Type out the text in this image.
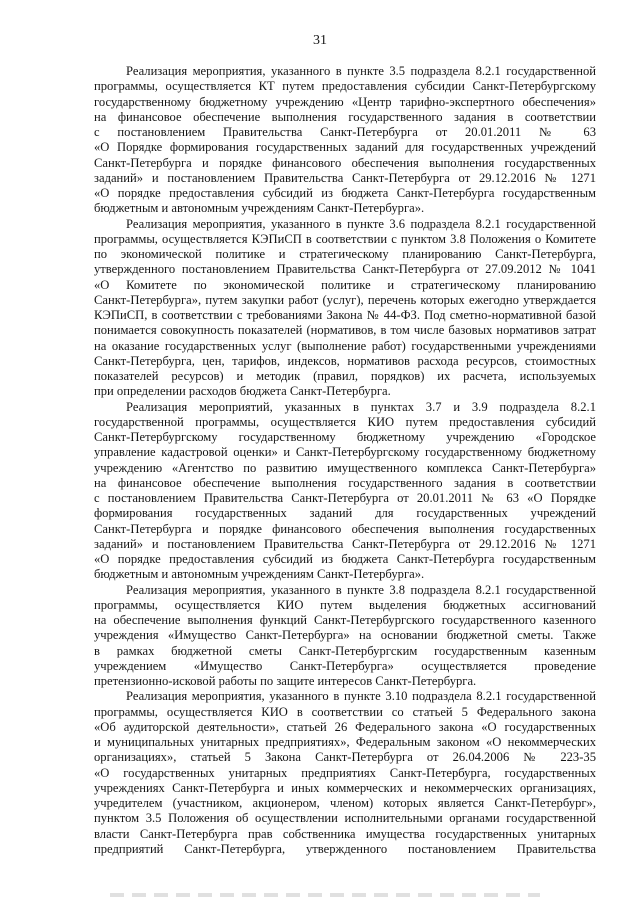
31
Реализация мероприятия, указанного в пункте 3.5 подраздела 8.2.1 государственной
программы, осуществляется КТ путем предоставления субсидии Санкт-Петербургскому
государственному бюджетному учреждению «Центр тарифно-экспертного обеспечения»
на финансовое обеспечение выполнения государственного задания в соответствии
с постановлением Правительства Санкт-Петербурга от 20.01.2011 № 63
«О Порядке формирования государственных заданий для государственных учреждений
Санкт-Петербурга и порядке финансового обеспечения выполнения государственных
заданий» и постановлением Правительства Санкт-Петербурга от 29.12.2016 № 1271
«О порядке предоставления субсидий из бюджета Санкт-Петербурга государственным
бюджетным и автономным учреждениям Санкт-Петербурга».
Реализация мероприятия, указанного в пункте 3.6 подраздела 8.2.1 государственной
программы, осуществляется КЭПиСП в соответствии с пунктом 3.8 Положения о Комитете
по экономической политике и стратегическому планированию Санкт-Петербурга,
утвержденного постановлением Правительства Санкт-Петербурга от 27.09.2012 № 1041
«О Комитете по экономической политике и стратегическому планированию
Санкт-Петербурга», путем закупки работ (услуг), перечень которых ежегодно утверждается
КЭПиСП, в соответствии с требованиями Закона № 44-ФЗ. Под сметно-нормативной базой
понимается совокупность показателей (нормативов, в том числе базовых нормативов затрат
на оказание государственных услуг (выполнение работ) государственными учреждениями
Санкт-Петербурга, цен, тарифов, индексов, нормативов расхода ресурсов, стоимостных
показателей ресурсов) и методик (правил, порядков) их расчета, используемых
при определении расходов бюджета Санкт-Петербурга.
Реализация мероприятий, указанных в пунктах 3.7 и 3.9 подраздела 8.2.1
государственной программы, осуществляется КИО путем предоставления субсидий
Санкт-Петербургскому государственному бюджетному учреждению «Городское
управление кадастровой оценки» и Санкт-Петербургскому государственному бюджетному
учреждению «Агентство по развитию имущественного комплекса Санкт-Петербурга»
на финансовое обеспечение выполнения государственного задания в соответствии
с постановлением Правительства Санкт-Петербурга от 20.01.2011 № 63 «О Порядке
формирования государственных заданий для государственных учреждений
Санкт-Петербурга и порядке финансового обеспечения выполнения государственных
заданий» и постановлением Правительства Санкт-Петербурга от 29.12.2016 № 1271
«О порядке предоставления субсидий из бюджета Санкт-Петербурга государственным
бюджетным и автономным учреждениям Санкт-Петербурга».
Реализация мероприятия, указанного в пункте 3.8 подраздела 8.2.1 государственной
программы, осуществляется КИО путем выделения бюджетных ассигнований
на обеспечение выполнения функций Санкт-Петербургского государственного казенного
учреждения «Имущество Санкт-Петербурга» на основании бюджетной сметы. Также
в рамках бюджетной сметы Санкт-Петербургским государственным казенным
учреждением «Имущество Санкт-Петербурга» осуществляется проведение
претензионно-исковой работы по защите интересов Санкт-Петербурга.
Реализация мероприятия, указанного в пункте 3.10 подраздела 8.2.1 государственной
программы, осуществляется КИО в соответствии со статьей 5 Федерального закона
«Об аудиторской деятельности», статьей 26 Федерального закона «О государственных
и муниципальных унитарных предприятиях», Федеральным законом «О некоммерческих
организациях», статьей 5 Закона Санкт-Петербурга от 26.04.2006 № 223-35
«О государственных унитарных предприятиях Санкт-Петербурга, государственных
учреждениях Санкт-Петербурга и иных коммерческих и некоммерческих организациях,
учредителем (участником, акционером, членом) которых является Санкт-Петербург»,
пунктом 3.5 Положения об осуществлении исполнительными органами государственной
власти Санкт-Петербурга прав собственника имущества государственных унитарных
предприятий Санкт-Петербурга, утвержденного постановлением Правительства
